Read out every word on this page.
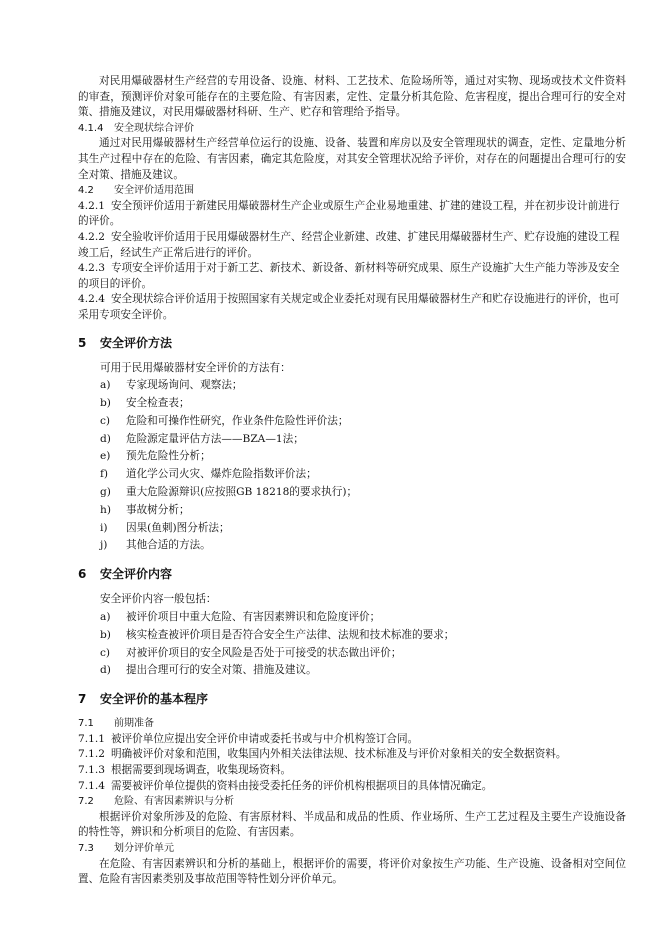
对民用爆破器材生产经营的专用设备、设施、材料、工艺技术、危险场所等，通过对实物、现场或技术文件资料的审查，预测评价对象可能存在的主要危险、有害因素，定性、定量分析其危险、危害程度，提出合理可行的安全对策、措施及建议，对民用爆破器材科研、生产、贮存和管理给予指导。

4.1.4 安全现状综合评价

通过对民用爆破器材生产经营单位运行的设施、设备、装置和库房以及安全管理现状的调查，定性、定量地分析其生产过程中存在的危险、有害因素，确定其危险度，对其安全管理状况给予评价，对存在的问题提出合理可行的安全对策、措施及建议。

4.2 安全评价适用范围

4.2.1 安全预评价适用于新建民用爆破器材生产企业或原生产企业易地重建、扩建的建设工程，并在初步设计前进行的评价。

4.2.2 安全验收评价适用于民用爆破器材生产、经营企业新建、改建、扩建民用爆破器材生产、贮存设施的建设工程竣工后，经试生产正常后进行的评价。

4.2.3 专项安全评价适用于对于新工艺、新技术、新设备、新材料等研究成果、原生产设施扩大生产能力等涉及安全的项目的评价。

4.2.4 安全现状综合评价适用于按照国家有关规定或企业委托对现有民用爆破器材生产和贮存设施进行的评价，也可采用专项安全评价。

5 安全评价方法

可用于民用爆破器材安全评价的方法有：

a)	专家现场询问、观察法；
b)	安全检查表；
c)	危险和可操作性研究，作业条件危险性评价法；
d)	危险源定量评估方法——BZA—1法；
e)	预先危险性分析；
f)	道化学公司火灾、爆炸危险指数评价法；
g)	重大危险源辩识(应按照GB 18218的要求执行)；
h)	事故树分析；
i)	因果(鱼刺)图分析法；
j)	其他合适的方法。
6 安全评价内容

安全评价内容一般包括：

a)	被评价项目中重大危险、有害因素辨识和危险度评价；
b)	核实检查被评价项目是否符合安全生产法律、法规和技术标准的要求；
c)	对被评价项目的安全风险是否处于可接受的状态做出评价；
d)	提出合理可行的安全对策、措施及建议。
7 安全评价的基本程序

7.1 前期准备

7.1.1 被评价单位应提出安全评价申请或委托书或与中介机构签订合同。

7.1.2 明确被评价对象和范围，收集国内外相关法律法规、技术标准及与评价对象相关的安全数据资料。

7.1.3 根据需要到现场调查，收集现场资料。

7.1.4 需要被评价单位提供的资料由接受委托任务的评价机构根据项目的具体情况确定。

7.2 危险、有害因素辨识与分析

根据评价对象所涉及的危险、有害原材料、半成品和成品的性质、作业场所、生产工艺过程及主要生产设施设备的特性等，辨识和分析项目的危险、有害因素。

7.3 划分评价单元

在危险、有害因素辨识和分析的基础上，根据评价的需要，将评价对象按生产功能、生产设施、设备相对空间位置、危险有害因素类别及事故范围等特性划分评价单元。
